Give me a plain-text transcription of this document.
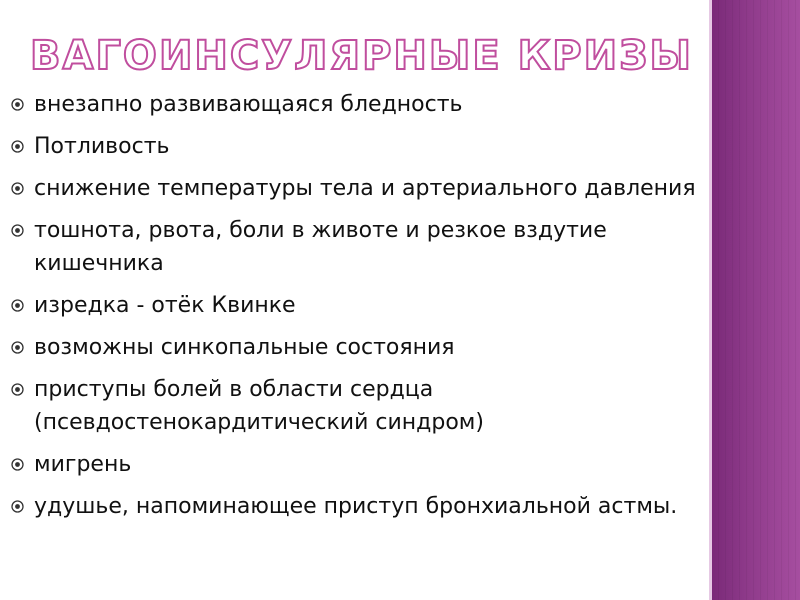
ВАГОИНСУЛЯРНЫЕ КРИЗЫ
внезапно развивающаяся бледность
Потливость
снижение температуры тела и артериального давления
тошнота, рвота, боли в животе и резкое вздутие кишечника
изредка - отёк Квинке
возможны синкопальные состояния
приступы болей в области сердца (псевдостенокардитический синдром)
мигрень
удушье, напоминающее приступ бронхиальной астмы.
